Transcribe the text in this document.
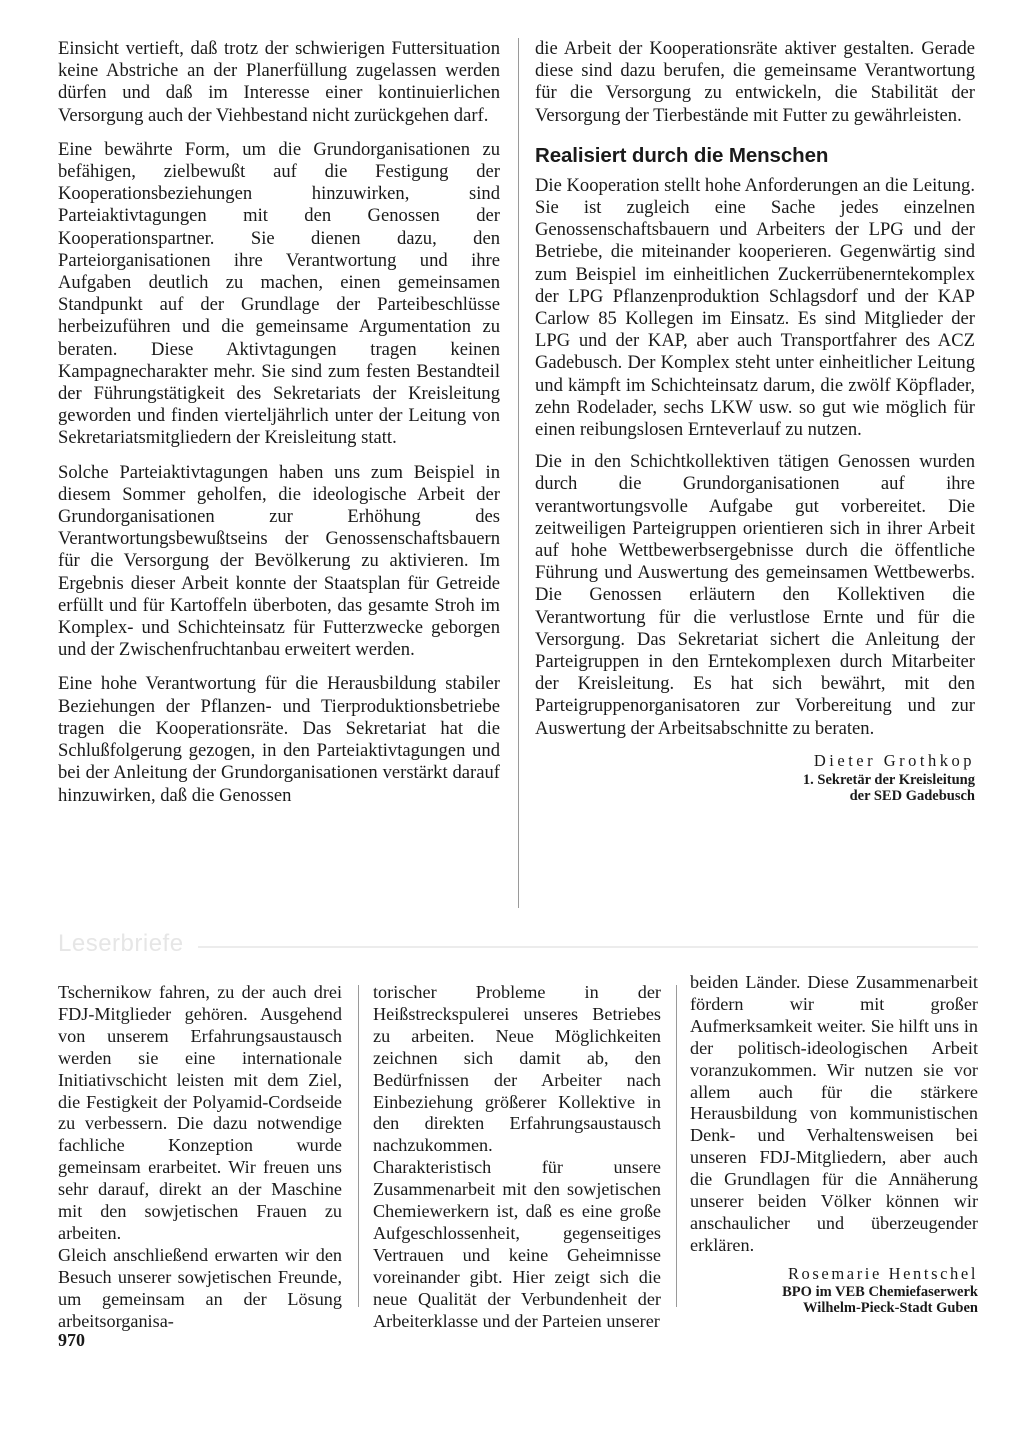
Einsicht vertieft, daß trotz der schwierigen Futtersituation keine Abstriche an der Planerfüllung zugelassen werden dürfen und daß im Interesse einer kontinuierlichen Versorgung auch der Viehbestand nicht zurückgehen darf.

Eine bewährte Form, um die Grundorganisationen zu befähigen, zielbewußt auf die Festigung der Kooperationsbeziehungen hinzuwirken, sind Parteiaktivtagungen mit den Genossen der Kooperationspartner. Sie dienen dazu, den Parteiorganisationen ihre Verantwortung und ihre Aufgaben deutlich zu machen, einen gemeinsamen Standpunkt auf der Grundlage der Parteibeschlüsse herbeizuführen und die gemeinsame Argumentation zu beraten. Diese Aktivtagungen tragen keinen Kampagnecharakter mehr. Sie sind zum festen Bestandteil der Führungstätigkeit des Sekretariats der Kreisleitung geworden und finden vierteljährlich unter der Leitung von Sekretariatsmitgliedern der Kreisleitung statt.

Solche Parteiaktivtagungen haben uns zum Beispiel in diesem Sommer geholfen, die ideologische Arbeit der Grundorganisationen zur Erhöhung des Verantwortungsbewußtseins der Genossenschaftsbauern für die Versorgung der Bevölkerung zu aktivieren. Im Ergebnis dieser Arbeit konnte der Staatsplan für Getreide erfüllt und für Kartoffeln überboten, das gesamte Stroh im Komplex- und Schichteinsatz für Futterzwecke geborgen und der Zwischenfruchtanbau erweitert werden.

Eine hohe Verantwortung für die Herausbildung stabiler Beziehungen der Pflanzen- und Tierproduktionsbetriebe tragen die Kooperationsräte. Das Sekretariat hat die Schlußfolgerung gezogen, in den Parteiaktivtagungen und bei der Anleitung der Grundorganisationen verstärkt darauf hinzuwirken, daß die Genossen

die Arbeit der Kooperationsräte aktiver gestalten. Gerade diese sind dazu berufen, die gemeinsame Verantwortung für die Versorgung zu entwickeln, die Stabilität der Versorgung der Tierbestände mit Futter zu gewährleisten.

Realisiert durch die Menschen

Die Kooperation stellt hohe Anforderungen an die Leitung. Sie ist zugleich eine Sache jedes einzelnen Genossenschaftsbauern und Arbeiters der LPG und der Betriebe, die miteinander kooperieren. Gegenwärtig sind zum Beispiel im einheitlichen Zuckerrübenerntekomplex der LPG Pflanzenproduktion Schlagsdorf und der KAP Carlow 85 Kollegen im Einsatz. Es sind Mitglieder der LPG und der KAP, aber auch Transportfahrer des ACZ Gadebusch. Der Komplex steht unter einheitlicher Leitung und kämpft im Schichteinsatz darum, die zwölf Köpflader, zehn Rodelader, sechs LKW usw. so gut wie möglich für einen reibungslosen Ernteverlauf zu nutzen.

Die in den Schichtkollektiven tätigen Genossen wurden durch die Grundorganisationen auf ihre verantwortungsvolle Aufgabe gut vorbereitet. Die zeitweiligen Parteigruppen orientieren sich in ihrer Arbeit auf hohe Wettbewerbsergebnisse durch die öffentliche Führung und Auswertung des gemeinsamen Wettbewerbs. Die Genossen erläutern den Kollektiven die Verantwortung für die verlustlose Ernte und für die Versorgung. Das Sekretariat sichert die Anleitung der Parteigruppen in den Erntekomplexen durch Mitarbeiter der Kreisleitung. Es hat sich bewährt, mit den Parteigruppenorganisatoren zur Vorbereitung und zur Auswertung der Arbeitsabschnitte zu beraten.

Dieter Grothkop

1. Sekretär der Kreisleitung

der SED Gadebusch

Leserbriefe

Tschernikow fahren, zu der auch drei FDJ-Mitglieder gehören. Ausgehend von unserem Erfahrungsaustausch werden sie eine internationale Initiativschicht leisten mit dem Ziel, die Festigkeit der Polyamid-Cordseide zu verbessern. Die dazu notwendige fachliche Konzeption wurde gemeinsam erarbeitet. Wir freuen uns sehr darauf, direkt an der Maschine mit den sowjetischen Frauen zu arbeiten.

Gleich anschließend erwarten wir den Besuch unserer sowjetischen Freunde, um gemeinsam an der Lösung arbeitsorganisa-

torischer Probleme in der Heißstreckspulerei unseres Betriebes zu arbeiten. Neue Möglichkeiten zeichnen sich damit ab, den Bedürfnissen der Arbeiter nach Einbeziehung größerer Kollektive in den direkten Erfahrungsaustausch nachzukommen.

Charakteristisch für unsere Zusammenarbeit mit den sowjetischen Chemiewerkern ist, daß es eine große Aufgeschlossenheit, gegenseitiges Vertrauen und keine Geheimnisse voreinander gibt. Hier zeigt sich die neue Qualität der Verbundenheit der Arbeiterklasse und der Parteien unserer

beiden Länder. Diese Zusammenarbeit fördern wir mit großer Aufmerksamkeit weiter. Sie hilft uns in der politisch-ideologischen Arbeit voranzukommen. Wir nutzen sie vor allem auch für die stärkere Herausbildung von kommunistischen Denk- und Verhaltensweisen bei unseren FDJ-Mitgliedern, aber auch die Grundlagen für die Annäherung unserer beiden Völker können wir anschaulicher und überzeugender erklären.

Rosemarie Hentschel

BPO im VEB Chemiefaserwerk

Wilhelm-Pieck-Stadt Guben

970
